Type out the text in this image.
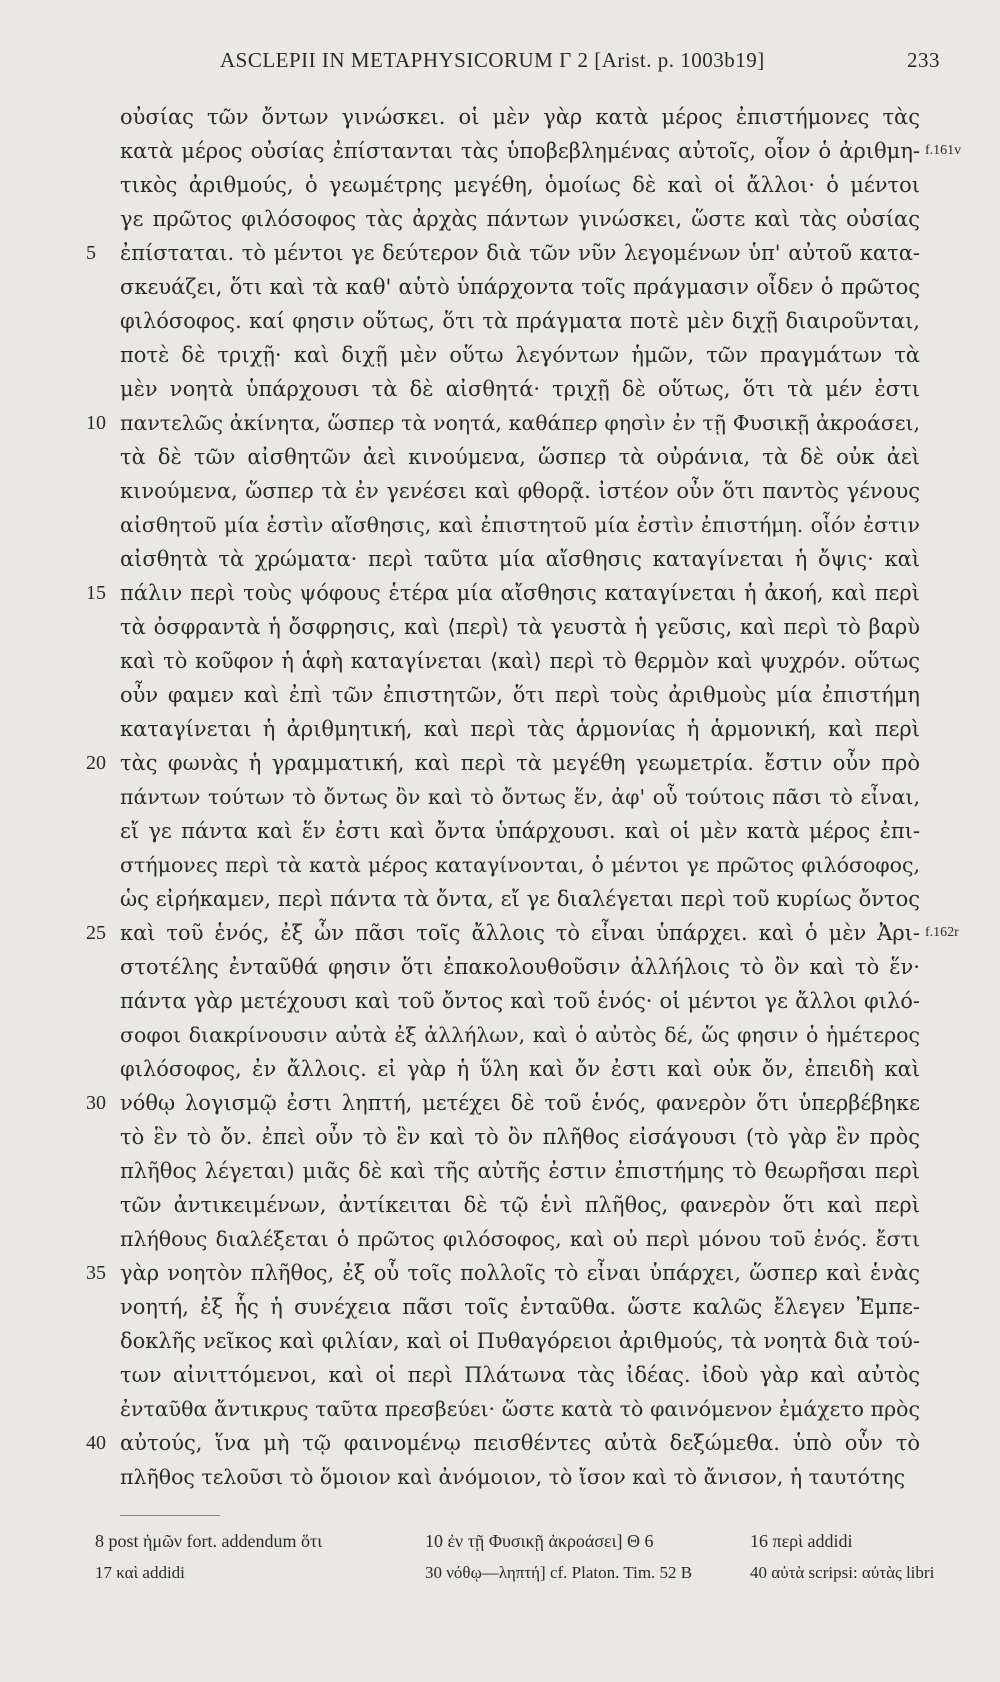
ASCLEPII IN METAPHYSICORUM Γ 2 [Arist. p. 1003b19]	233
οὐσίας τῶν ὄντων γινώσκει. οἱ μὲν γὰρ κατὰ μέρος ἐπιστήμονες τὰς
κατὰ μέρος οὐσίας ἐπίστανται τὰς ὑποβεβλημένας αὐτοῖς, οἷον ὁ ἀριθμη- f.161v
τικὸς ἀριθμούς, ὁ γεωμέτρης μεγέθη, ὁμοίως δὲ καὶ οἱ ἄλλοι· ὁ μέντοι
γε πρῶτος φιλόσοφος τὰς ἀρχὰς πάντων γινώσκει, ὥστε καὶ τὰς οὐσίας
ἐπίσταται. τὸ μέντοι γε δεύτερον διὰ τῶν νῦν λεγομένων ὑπ' αὐτοῦ κατα-
5
σκευάζει, ὅτι καὶ τὰ καθ' αὑτὸ ὑπάρχοντα τοῖς πράγμασιν οἶδεν ὁ πρῶτος
φιλόσοφος. καί φησιν οὕτως, ὅτι τὰ πράγματα ποτὲ μὲν διχῇ διαιροῦνται,
ποτὲ δὲ τριχῇ· καὶ διχῇ μὲν οὕτω λεγόντων ἡμῶν, τῶν πραγμάτων τὰ
μὲν νοητὰ ὑπάρχουσι τὰ δὲ αἰσθητά· τριχῇ δὲ οὕτως, ὅτι τὰ μέν ἐστι
παντελῶς ἀκίνητα, ὥσπερ τὰ νοητά, καθάπερ φησὶν ἐν τῇ Φυσικῇ ἀκροάσει,
10
τὰ δὲ τῶν αἰσθητῶν ἀεὶ κινούμενα, ὥσπερ τὰ οὐράνια, τὰ δὲ οὐκ ἀεὶ
κινούμενα, ὥσπερ τὰ ἐν γενέσει καὶ φθορᾷ. ἰστέον οὖν ὅτι παντὸς γένους
αἰσθητοῦ μία ἐστὶν αἴσθησις, καὶ ἐπιστητοῦ μία ἐστὶν ἐπιστήμη. οἷόν ἐστιν
αἰσθητὰ τὰ χρώματα· περὶ ταῦτα μία αἴσθησις καταγίνεται ἡ ὄψις· καὶ
πάλιν περὶ τοὺς ψόφους ἑτέρα μία αἴσθησις καταγίνεται ἡ ἀκοή, καὶ περὶ
15
τὰ ὀσφραντὰ ἡ ὄσφρησις, καὶ ⟨περὶ⟩ τὰ γευστὰ ἡ γεῦσις, καὶ περὶ τὸ βαρὺ
καὶ τὸ κοῦφον ἡ ἁφὴ καταγίνεται ⟨καὶ⟩ περὶ τὸ θερμὸν καὶ ψυχρόν. οὕτως
οὖν φαμεν καὶ ἐπὶ τῶν ἐπιστητῶν, ὅτι περὶ τοὺς ἀριθμοὺς μία ἐπιστήμη
καταγίνεται ἡ ἀριθμητική, καὶ περὶ τὰς ἁρμονίας ἡ ἁρμονική, καὶ περὶ
τὰς φωνὰς ἡ γραμματική, καὶ περὶ τὰ μεγέθη γεωμετρία. ἔστιν οὖν πρὸ
20
πάντων τούτων τὸ ὄντως ὂν καὶ τὸ ὄντως ἕν, ἀφ' οὗ τούτοις πᾶσι τὸ εἶναι,
εἴ γε πάντα καὶ ἕν ἐστι καὶ ὄντα ὑπάρχουσι. καὶ οἱ μὲν κατὰ μέρος ἐπι-
στήμονες περὶ τὰ κατὰ μέρος καταγίνονται, ὁ μέντοι γε πρῶτος φιλόσοφος,
ὡς εἰρήκαμεν, περὶ πάντα τὰ ὄντα, εἴ γε διαλέγεται περὶ τοῦ κυρίως ὄντος
καὶ τοῦ ἑνός, ἐξ ὧν πᾶσι τοῖς ἄλλοις τὸ εἶναι ὑπάρχει. καὶ ὁ μὲν Ἀρι-
25	f.162r
στοτέλης ἐνταῦθά φησιν ὅτι ἐπακολουθοῦσιν ἀλλήλοις τὸ ὂν καὶ τὸ ἕν·
πάντα γὰρ μετέχουσι καὶ τοῦ ὄντος καὶ τοῦ ἑνός· οἱ μέντοι γε ἄλλοι φιλό-
σοφοι διακρίνουσιν αὐτὰ ἐξ ἀλλήλων, καὶ ὁ αὐτὸς δέ, ὥς φησιν ὁ ἡμέτερος
φιλόσοφος, ἐν ἄλλοις. εἰ γὰρ ἡ ὕλη καὶ ὄν ἐστι καὶ οὐκ ὄν, ἐπειδὴ καὶ
νόθῳ λογισμῷ ἐστι ληπτή, μετέχει δὲ τοῦ ἑνός, φανερὸν ὅτι ὑπερβέβηκε
30
τὸ ἓν τὸ ὄν. ἐπεὶ οὖν τὸ ἓν καὶ τὸ ὂν πλῆθος εἰσάγουσι (τὸ γὰρ ἓν πρὸς
πλῆθος λέγεται) μιᾶς δὲ καὶ τῆς αὐτῆς ἐστιν ἐπιστήμης τὸ θεωρῆσαι περὶ
τῶν ἀντικειμένων, ἀντίκειται δὲ τῷ ἑνὶ πλῆθος, φανερὸν ὅτι καὶ περὶ
πλήθους διαλέξεται ὁ πρῶτος φιλόσοφος, καὶ οὐ περὶ μόνου τοῦ ἑνός. ἔστι
γὰρ νοητὸν πλῆθος, ἐξ οὗ τοῖς πολλοῖς τὸ εἶναι ὑπάρχει, ὥσπερ καὶ ἑνὰς
35
νοητή, ἐξ ἧς ἡ συνέχεια πᾶσι τοῖς ἐνταῦθα. ὥστε καλῶς ἔλεγεν Ἐμπε-
δοκλῆς νεῖκος καὶ φιλίαν, καὶ οἱ Πυθαγόρειοι ἀριθμούς, τὰ νοητὰ διὰ τού-
των αἰνιττόμενοι, καὶ οἱ περὶ Πλάτωνα τὰς ἰδέας. ἰδοὺ γὰρ καὶ αὐτὸς
ἐνταῦθα ἄντικρυς ταῦτα πρεσβεύει· ὥστε κατὰ τὸ φαινόμενον ἐμάχετο πρὸς
αὐτούς, ἵνα μὴ τῷ φαινομένῳ πεισθέντες αὐτὰ δεξώμεθα. ὑπὸ οὖν τὸ
40
πλῆθος τελοῦσι τὸ ὅμοιον καὶ ἀνόμοιον, τὸ ἴσον καὶ τὸ ἄνισον, ἡ ταυτότης
8 post ἡμῶν fort. addendum ὅτι	10 ἐν τῇ Φυσικῇ ἀκροάσει] Θ 6	16 περὶ addidi
17 καὶ addidi	30 νόθῳ—ληπτή] cf. Platon. Tim. 52 B	40 αὐτὰ scripsi: αὐτὰς libri
